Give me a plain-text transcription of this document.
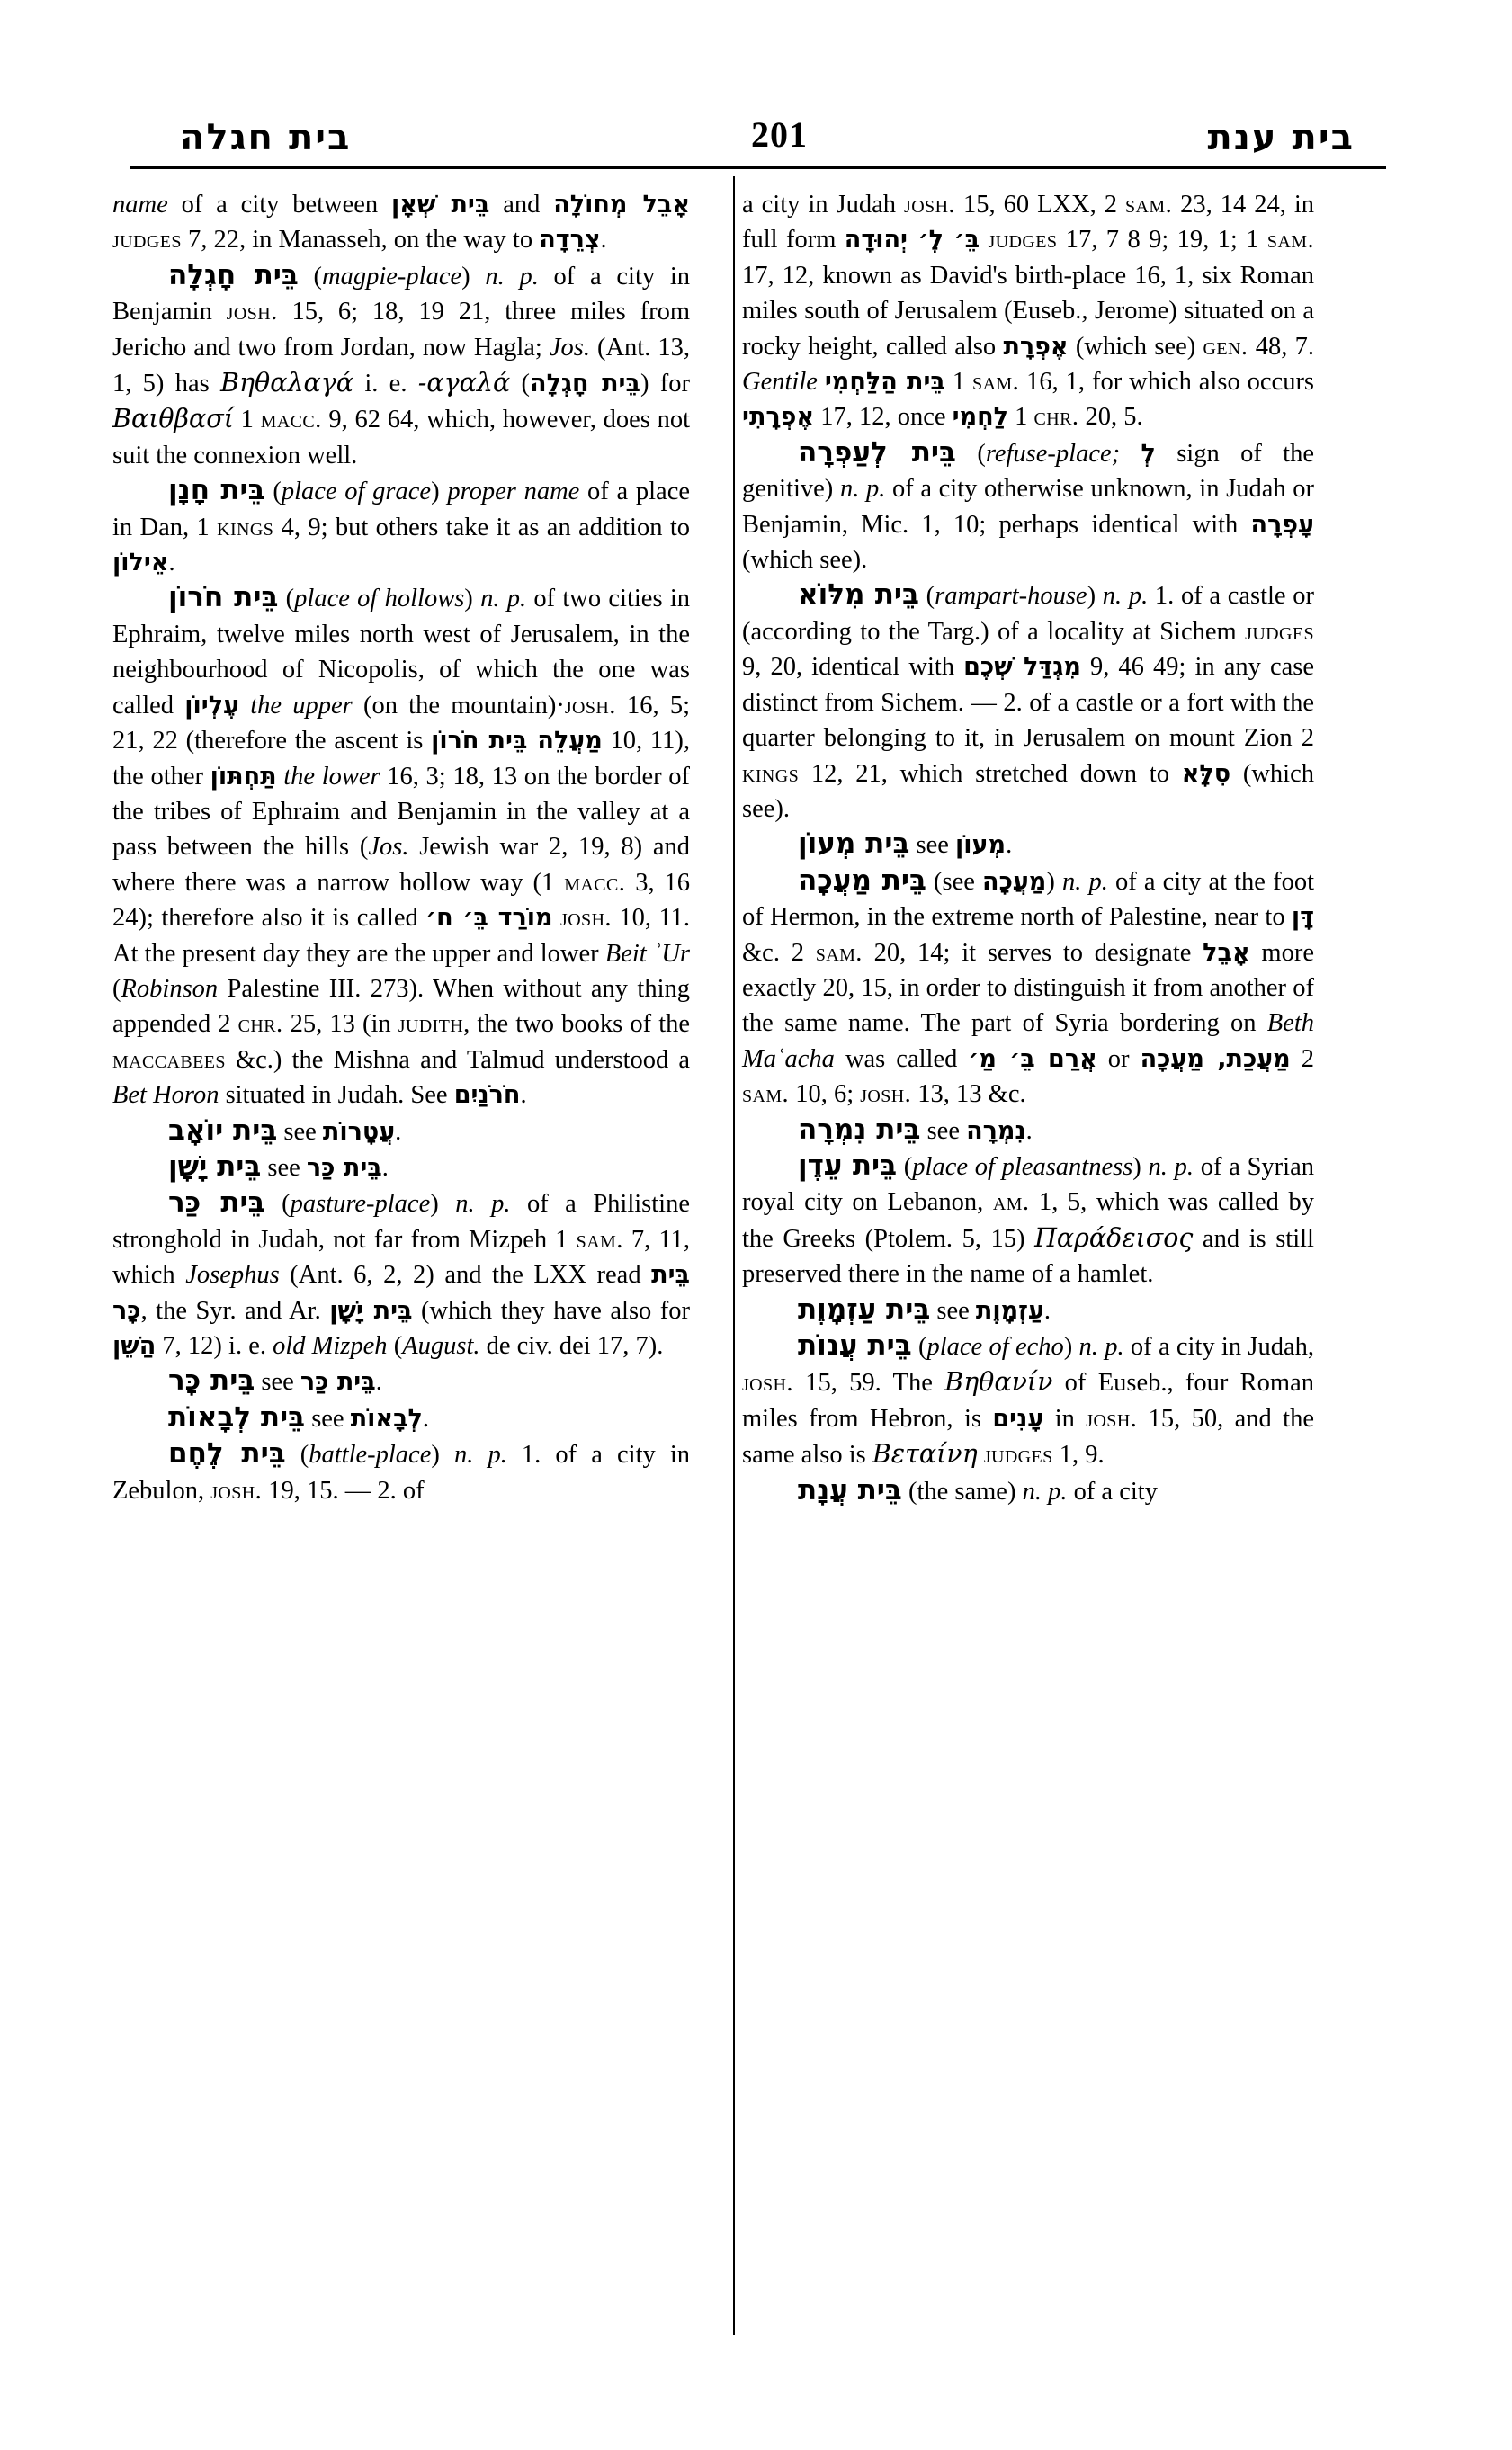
בית חגלה	201	בית ענת

name of a city between בֵּית שְׁאָן and אָבֵל מְחוֹלָה judges 7, 22, in Manasseh, on the way to צְרֵדָה.

בֵּית חָגְלָה (magpie-place) n. p. of a city in Benjamin josh. 15, 6; 18, 19 21, three miles from Jericho and two from Jordan, now Hagla; Jos. (Ant. 13, 1, 5) has Βηθαλαγά i. e. -αγαλά (בֵּית חָגְלָה) for Βαιθβασί 1 macc. 9, 62 64, which, however, does not suit the connexion well.

בֵּית חָנָן (place of grace) proper name of a place in Dan, 1 kings 4, 9; but others take it as an addition to אֵילוֹן.

בֵּית חֹרוֹן (place of hollows) n. p. of two cities in Ephraim, twelve miles north west of Jerusalem, in the neighbourhood of Nicopolis, of which the one was called עֶלְיוֹן the upper (on the mountain)·josh. 16, 5; 21, 22 (therefore the ascent is מַעֲלֵה בֵּית חֹרוֹן 10, 11), the other תַּחְתּוֹן the lower 16, 3; 18, 13 on the border of the tribes of Ephraim and Benjamin in the valley at a pass between the hills (Jos. Jewish war 2, 19, 8) and where there was a narrow hollow way (1 macc. 3, 16 24); therefore also it is called מוֹרַד בֵּ׳ ח׳ josh. 10, 11. At the present day they are the upper and lower Beit ʾUr (Robinson Palestine III. 273). When without any thing appended 2 chr. 25, 13 (in judith, the two books of the maccabees &c.) the Mishna and Talmud understood a Bet Horon situated in Judah. See חֹרֹנַיִם.

בֵּית יוֹאָב see עֲטָרוֹת.

בֵּית יָשָׁן see בֵּית כַּר.

בֵּית כַּר (pasture-place) n. p. of a Philistine stronghold in Judah, not far from Mizpeh 1 sam. 7, 11, which Josephus (Ant. 6, 2, 2) and the LXX read בֵּית כָּר, the Syr. and Ar. בֵּית יָשָׁן (which they have also for הַשֵּׁן 7, 12) i. e. old Mizpeh (August. de civ. dei 17, 7).

בֵּית כָּר see בֵּית כַּר.

בֵּית לְבָאוֹת see לְבָאוֹת.

בֵּית לֶחֶם (battle-place) n. p. 1. of a city in Zebulon, josh. 19, 15. — 2. of

a city in Judah josh. 15, 60 LXX, 2 sam. 23, 14 24, in full form בֵּ׳ לֶ׳ יְהוּדָה judges 17, 7 8 9; 19, 1; 1 sam. 17, 12, known as David's birth-place 16, 1, six Roman miles south of Jerusalem (Euseb., Jerome) situated on a rocky height, called also אֶפְרָת (which see) gen. 48, 7. Gentile בֵּית הַלַּחְמִי 1 sam. 16, 1, for which also occurs אֶפְרָתִי 17, 12, once לַחְמִי 1 chr. 20, 5.

בֵּית לְעַפְרָה (refuse-place; לְ sign of the genitive) n. p. of a city otherwise unknown, in Judah or Benjamin, Mic. 1, 10; perhaps identical with עָפְרָה (which see).

בֵּית מִלּוֹא (rampart-house) n. p. 1. of a castle or (according to the Targ.) of a locality at Sichem judges 9, 20, identical with מִגְדַּל שְׁכֶם 9, 46 49; in any case distinct from Sichem. — 2. of a castle or a fort with the quarter belonging to it, in Jerusalem on mount Zion 2 kings 12, 21, which stretched down to סִלָּא (which see).

בֵּית מְעוֹן see מְעוֹן.

בֵּית מַעֲכָה (see מַעֲכָה) n. p. of a city at the foot of Hermon, in the extreme north of Palestine, near to דָּן &c. 2 sam. 20, 14; it serves to designate אָבֵל more exactly 20, 15, in order to distinguish it from another of the same name. The part of Syria bordering on Beth Maʿacha was called אֲרַם בֵּ׳ מַ׳ or מַעֲכַת, מַעֲכָה 2 sam. 10, 6; josh. 13, 13 &c.

בֵּית נִמְרָה see נִמְרָה.

בֵּית עֵדֶן (place of pleasantness) n. p. of a Syrian royal city on Lebanon, am. 1, 5, which was called by the Greeks (Ptolem. 5, 15) Παράδεισος and is still preserved there in the name of a hamlet.

בֵּית עַזְמָוֶת see עַזְמָוֶת.

בֵּית עֲנוֹת (place of echo) n. p. of a city in Judah, josh. 15, 59. The Βηθανίν of Euseb., four Roman miles from Hebron, is עָנִים in josh. 15, 50, and the same also is Βεταίνη judges 1, 9.

בֵּית עֲנָת (the same) n. p. of a city
